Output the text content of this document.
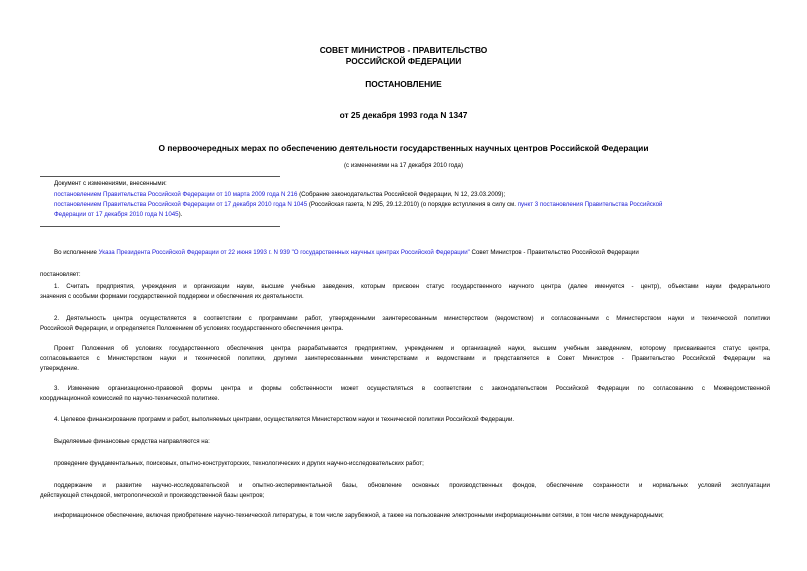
СОВЕТ МИНИСТРОВ - ПРАВИТЕЛЬСТВО
РОССИЙСКОЙ ФЕДЕРАЦИИ
ПОСТАНОВЛЕНИЕ
от 25 декабря 1993 года N 1347
О первоочередных мерах по обеспечению деятельности государственных научных центров Российской Федерации
(с изменениями на 17 декабря 2010 года)
Документ с изменениями, внесенными:
постановлением Правительства Российской Федерации от 10 марта 2009 года N 216 (Собрание законодательства Российской Федерации, N 12, 23.03.2009);
постановлением Правительства Российской Федерации от 17 декабря 2010 года N 1045 (Российская газета, N 295, 29.12.2010) (о порядке вступления в силу см. пункт 3 постановления Правительства Российской
Федерации от 17 декабря 2010 года N 1045).
Во исполнение Указа Президента Российской Федерации от 22 июня 1993 г. N 939 "О государственных научных центрах Российской Федерации" Совет Министров - Правительство Российской Федерации
постановляет:
1. Считать предприятия, учреждения и организации науки, высшие учебные заведения, которым присвоен статус государственного научного центра (далее именуется - центр), объектами науки федерального
значения с особыми формами государственной поддержки и обеспечения их деятельности.
2. Деятельность центра осуществляется в соответствии с программами работ, утвержденными заинтересованным министерством (ведомством) и согласованными с Министерством науки и технической политики
Российской Федерации, и определяется Положением об условиях государственного обеспечения центра.
Проект Положения об условиях государственного обеспечения центра разрабатывается предприятием, учреждением и организацией науки, высшим учебным заведением, которому присваивается статус центра,
согласовывается с Министерством науки и технической политики, другими заинтересованными министерствами и ведомствами и представляется в Совет Министров - Правительство Российской Федерации на
утверждение.
3. Изменение организационно-правовой формы центра и формы собственности может осуществляться в соответствии с законодательством Российской Федерации по согласованию с Межведомственной
координационной комиссией по научно-технической политике.
4. Целевое финансирование программ и работ, выполняемых центрами, осуществляется Министерством науки и технической политики Российской Федерации.
Выделяемые финансовые средства направляются на:
проведение фундаментальных, поисковых, опытно-конструкторских, технологических и других научно-исследовательских работ;
поддержание и развитие научно-исследовательской и опытно-экспериментальной базы, обновление основных производственных фондов, обеспечение сохранности и нормальных условий эксплуатации
действующей стендовой, метрологической и производственной базы центров;
информационное обеспечение, включая приобретение научно-технической литературы, в том числе зарубежной, а также на пользование электронными информационными сетями, в том числе международными;
